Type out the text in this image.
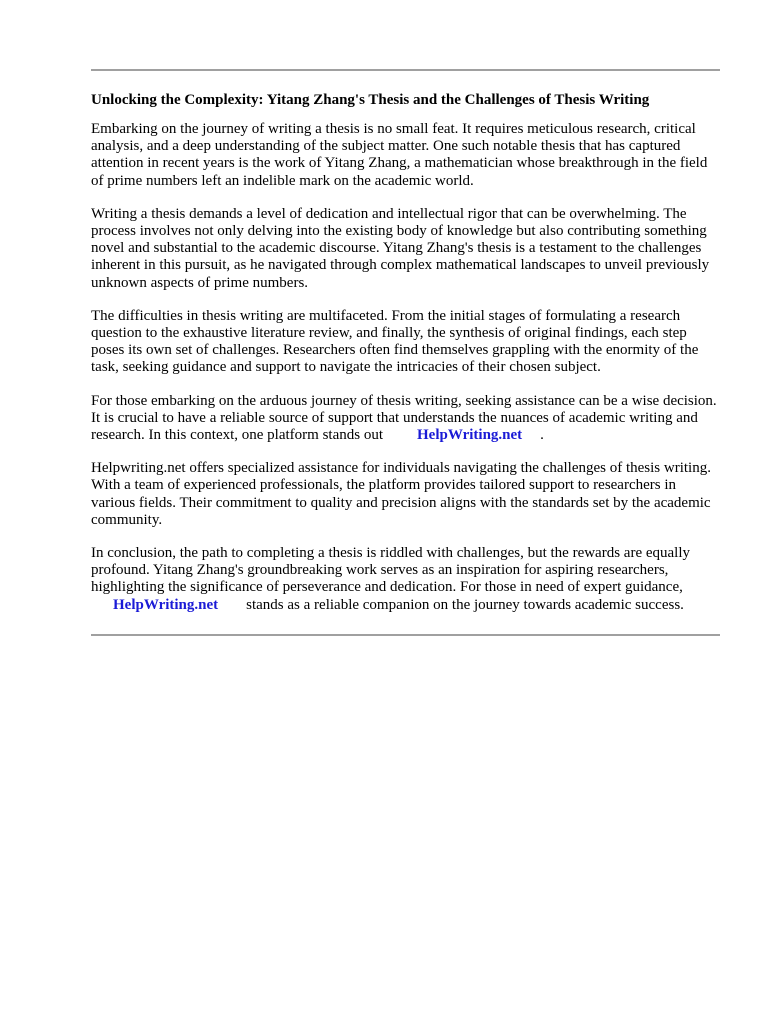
Unlocking the Complexity: Yitang Zhang's Thesis and the Challenges of Thesis Writing

Embarking on the journey of writing a thesis is no small feat. It requires meticulous research, critical analysis, and a deep understanding of the subject matter. One such notable thesis that has captured attention in recent years is the work of Yitang Zhang, a mathematician whose breakthrough in the field of prime numbers left an indelible mark on the academic world.

Writing a thesis demands a level of dedication and intellectual rigor that can be overwhelming. The process involves not only delving into the existing body of knowledge but also contributing something novel and substantial to the academic discourse. Yitang Zhang's thesis is a testament to the challenges inherent in this pursuit, as he navigated through complex mathematical landscapes to unveil previously unknown aspects of prime numbers.

The difficulties in thesis writing are multifaceted. From the initial stages of formulating a research question to the exhaustive literature review, and finally, the synthesis of original findings, each step poses its own set of challenges. Researchers often find themselves grappling with the enormity of the task, seeking guidance and support to navigate the intricacies of their chosen subject.

For those embarking on the arduous journey of thesis writing, seeking assistance can be a wise decision. It is crucial to have a reliable source of support that understands the nuances of academic writing and research. In this context, one platform stands out HelpWriting.net .

Helpwriting.net offers specialized assistance for individuals navigating the challenges of thesis writing. With a team of experienced professionals, the platform provides tailored support to researchers in various fields. Their commitment to quality and precision aligns with the standards set by the academic community.

In conclusion, the path to completing a thesis is riddled with challenges, but the rewards are equally profound. Yitang Zhang's groundbreaking work serves as an inspiration for aspiring researchers, highlighting the significance of perseverance and dedication. For those in need of expert guidance,
HelpWriting.net stands as a reliable companion on the journey towards academic success.
